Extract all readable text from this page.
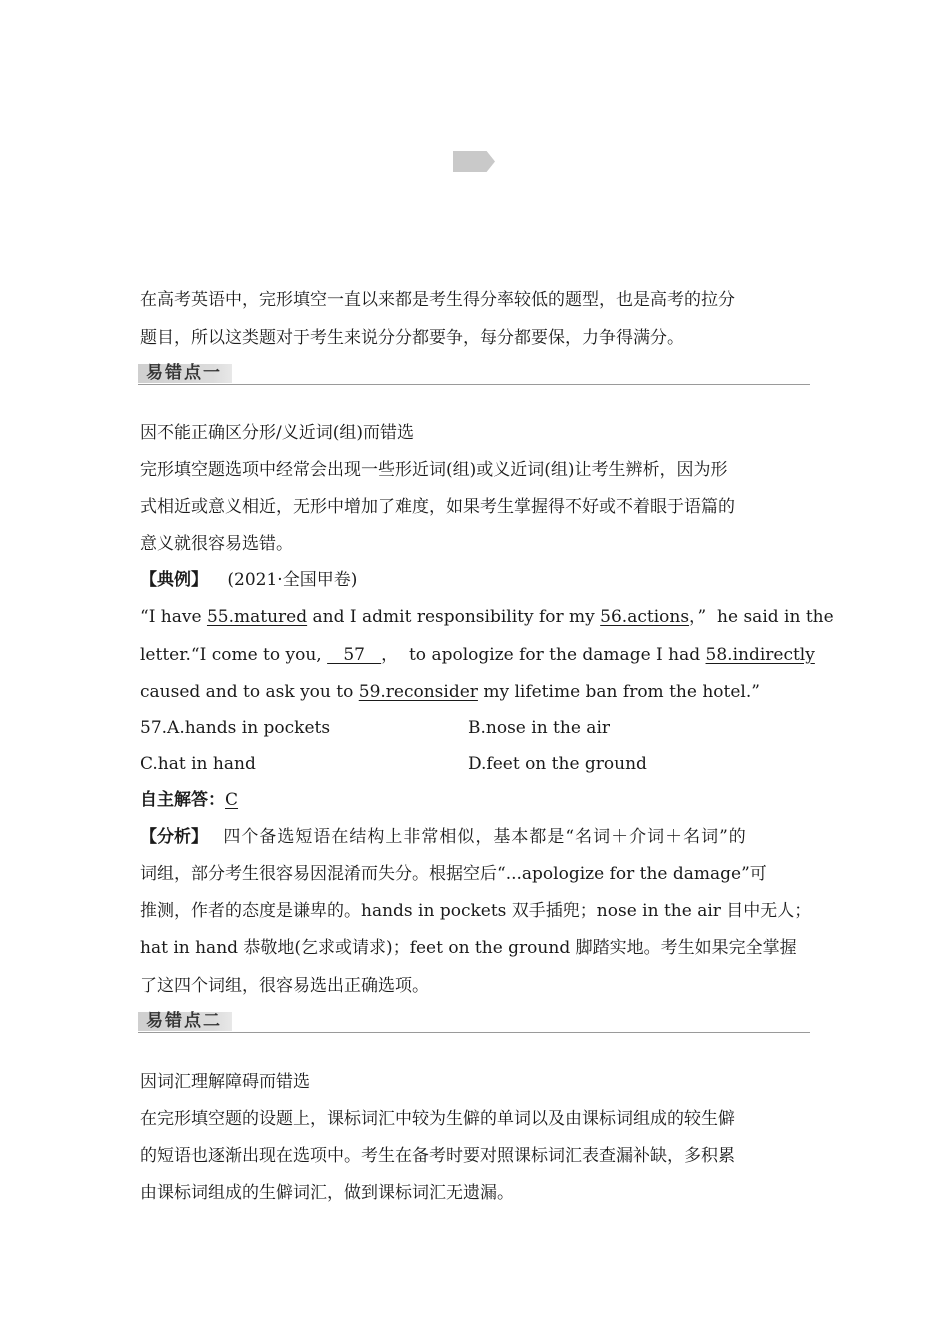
在高考英语中，完形填空一直以来都是考生得分率较低的题型，也是高考的拉分
题目，所以这类题对于考生来说分分都要争，每分都要保，力争得满分。
易错点一
因不能正确区分形/义近词(组)而错选
完形填空题选项中经常会出现一些形近词(组)或义近词(组)让考生辨析，因为形
式相近或意义相近，无形中增加了难度，如果考生掌握得不好或不着眼于语篇的
意义就很容易选错。
【典例】 (2021·全国甲卷)
“I have 55.matured and I admit responsibility for my 56.actions，”  he said in the
letter.“I come to you,    57   ，  to apologize for the damage I had 58.indirectly
caused and to ask you to 59.reconsider my lifetime ban from the hotel.”
57.A.hands in pockets	B.nose in the air
C.hat in hand	D.feet on the ground
自主解答：C
【分析】 四个备选短语在结构上非常相似，基本都是“名词＋介词＋名词”的
词组，部分考生很容易因混淆而失分。根据空后“...apologize for the damage”可
推测，作者的态度是谦卑的。hands in pockets 双手插兜；nose in the air 目中无人；
hat in hand 恭敬地(乞求或请求)；feet on the ground 脚踏实地。考生如果完全掌握
了这四个词组，很容易选出正确选项。
易错点二
因词汇理解障碍而错选
在完形填空题的设题上，课标词汇中较为生僻的单词以及由课标词组成的较生僻
的短语也逐渐出现在选项中。考生在备考时要对照课标词汇表查漏补缺，多积累
由课标词组成的生僻词汇，做到课标词汇无遗漏。
